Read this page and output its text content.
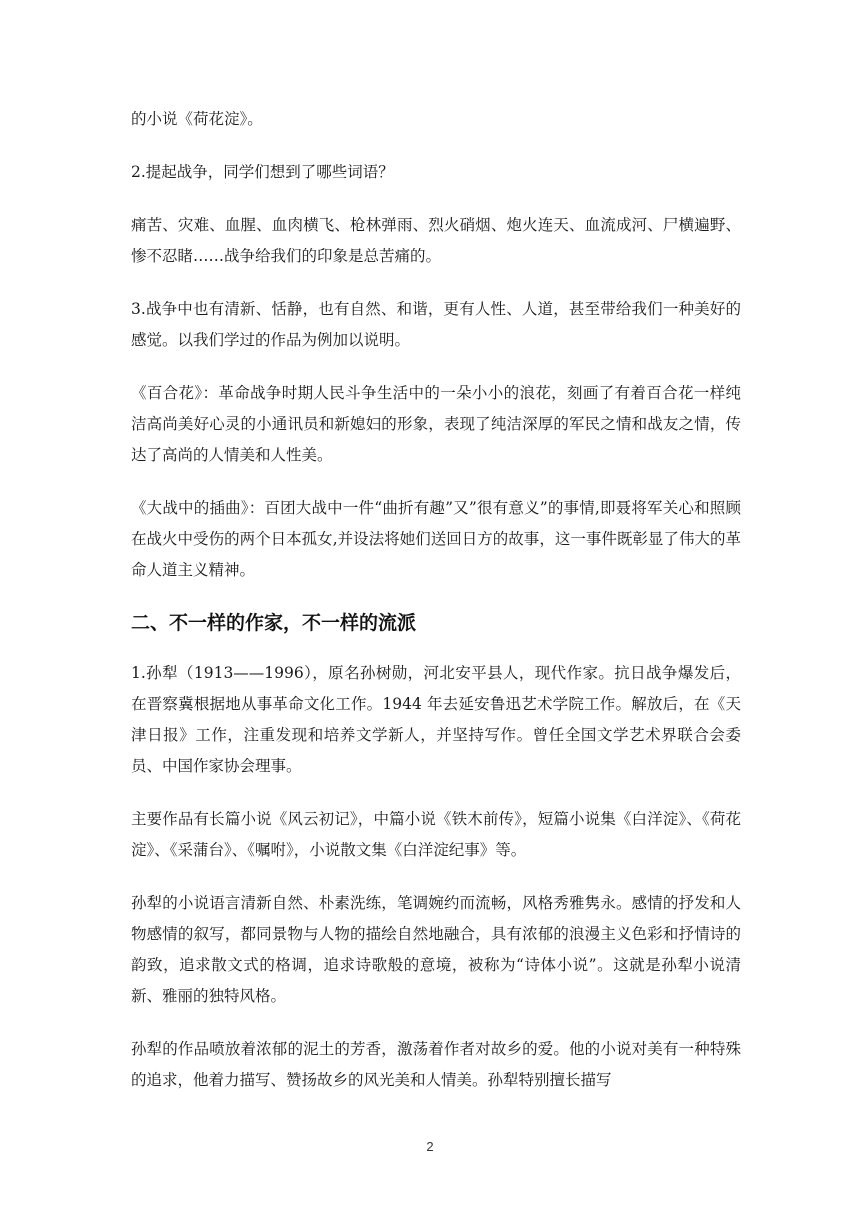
的小说《荷花淀》。

2.提起战争，同学们想到了哪些词语？

痛苦、灾难、血腥、血肉横飞、枪林弹雨、烈火硝烟、炮火连天、血流成河、尸横遍野、惨不忍睹……战争给我们的印象是总苦痛的。

3.战争中也有清新、恬静，也有自然、和谐，更有人性、人道，甚至带给我们一种美好的感觉。以我们学过的作品为例加以说明。

《百合花》：革命战争时期人民斗争生活中的一朵小小的浪花，刻画了有着百合花一样纯洁高尚美好心灵的小通讯员和新媳妇的形象，表现了纯洁深厚的军民之情和战友之情，传达了高尚的人情美和人性美。

《大战中的插曲》：百团大战中一件“曲折有趣”又”很有意义”的事情,即聂将军关心和照顾在战火中受伤的两个日本孤女,并设法将她们送回日方的故事，这一事件既彰显了伟大的革命人道主义精神。

二、不一样的作家，不一样的流派

1.孙犁（1913——1996），原名孙树勋，河北安平县人，现代作家。抗日战争爆发后，在晋察冀根据地从事革命文化工作。1944 年去延安鲁迅艺术学院工作。解放后，在《天津日报》工作，注重发现和培养文学新人，并坚持写作。曾任全国文学艺术界联合会委员、中国作家协会理事。

主要作品有长篇小说《风云初记》，中篇小说《铁木前传》，短篇小说集《白洋淀》、《荷花淀》、《采蒲台》、《嘱咐》，小说散文集《白洋淀纪事》等。

孙犁的小说语言清新自然、朴素洗练，笔调婉约而流畅，风格秀雅隽永。感情的抒发和人物感情的叙写，都同景物与人物的描绘自然地融合，具有浓郁的浪漫主义色彩和抒情诗的韵致，追求散文式的格调，追求诗歌般的意境，被称为“诗体小说”。这就是孙犁小说清新、雅丽的独特风格。

孙犁的作品喷放着浓郁的泥土的芳香，激荡着作者对故乡的爱。他的小说对美有一种特殊的追求，他着力描写、赞扬故乡的风光美和人情美。孙犁特别擅长描写

2
